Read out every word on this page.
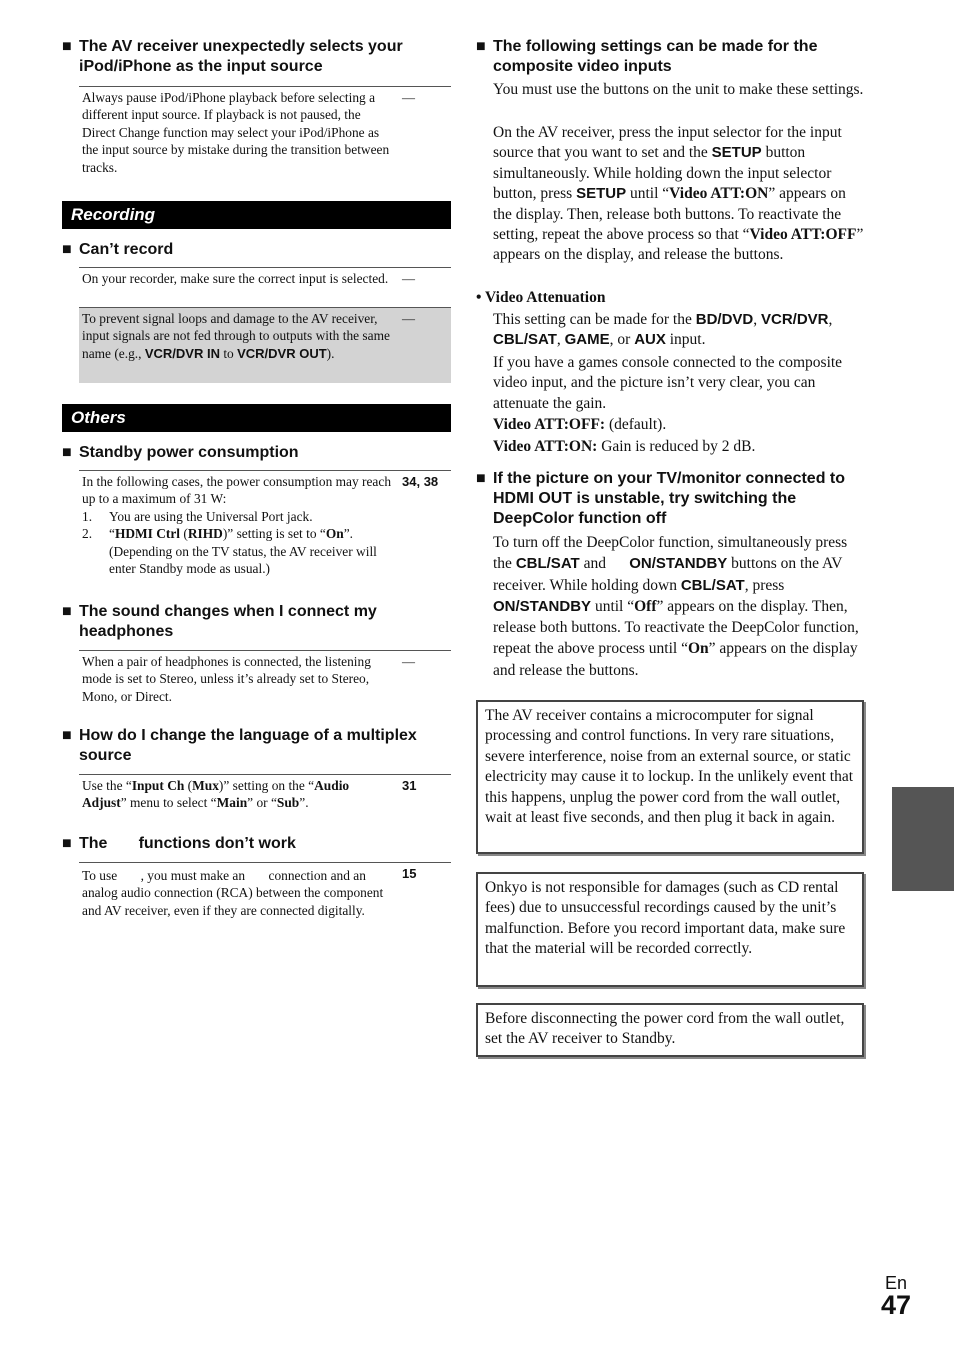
■ The AV receiver unexpectedly selects your iPod/iPhone as the input source
Always pause iPod/iPhone playback before selecting a different input source. If playback is not paused, the Direct Change function may select your iPod/iPhone as the input source by mistake during the transition between tracks.
—
Recording
■ Can’t record
On your recorder, make sure the correct input is selected. —
To prevent signal loops and damage to the AV receiver, input signals are not fed through to outputs with the same name (e.g., VCR/DVR IN to VCR/DVR OUT).
—
Others
■ Standby power consumption
In the following cases, the power consumption may reach up to a maximum of 31 W:
1. You are using the Universal Port jack.
2. “HDMI Ctrl (RIHD)” setting is set to “On”. (Depending on the TV status, the AV receiver will enter Standby mode as usual.)
34, 38
■ The sound changes when I connect my headphones
When a pair of headphones is connected, the listening mode is set to Stereo, unless it’s already set to Stereo, Mono, or Direct.
—
■ How do I change the language of a multiplex source
Use the “Input Ch (Mux)” setting on the “Audio Adjust” menu to select “Main” or “Sub”.
31
■ The       functions don’t work
To use       , you must make an       connection and an analog audio connection (RCA) between the component and AV receiver, even if they are connected digitally.
15
■ The following settings can be made for the composite video inputs
You must use the buttons on the unit to make these settings.
On the AV receiver, press the input selector for the input source that you want to set and the SETUP button simultaneously. While holding down the input selector button, press SETUP until “Video ATT:ON” appears on the display. Then, release both buttons. To reactivate the setting, repeat the above process so that “Video ATT:OFF” appears on the display, and release the buttons.
• Video Attenuation
This setting can be made for the BD/DVD, VCR/DVR, CBL/SAT, GAME, or AUX input.
If you have a games console connected to the composite video input, and the picture isn’t very clear, you can attenuate the gain.
Video ATT:OFF: (default).
Video ATT:ON: Gain is reduced by 2 dB.
■ If the picture on your TV/monitor connected to HDMI OUT is unstable, try switching the DeepColor function off
To turn off the DeepColor function, simultaneously press the CBL/SAT and      ON/STANDBY buttons on the AV receiver. While holding down CBL/SAT, press      ON/STANDBY until “Off” appears on the display. Then, release both buttons. To reactivate the DeepColor function, repeat the above process until “On” appears on the display and release the buttons.
The AV receiver contains a microcomputer for signal processing and control functions. In very rare situations, severe interference, noise from an external source, or static electricity may cause it to lockup. In the unlikely event that this happens, unplug the power cord from the wall outlet, wait at least five seconds, and then plug it back in again.
Onkyo is not responsible for damages (such as CD rental fees) due to unsuccessful recordings caused by the unit’s malfunction. Before you record important data, make sure that the material will be recorded correctly.
Before disconnecting the power cord from the wall outlet, set the AV receiver to Standby.
En
47
